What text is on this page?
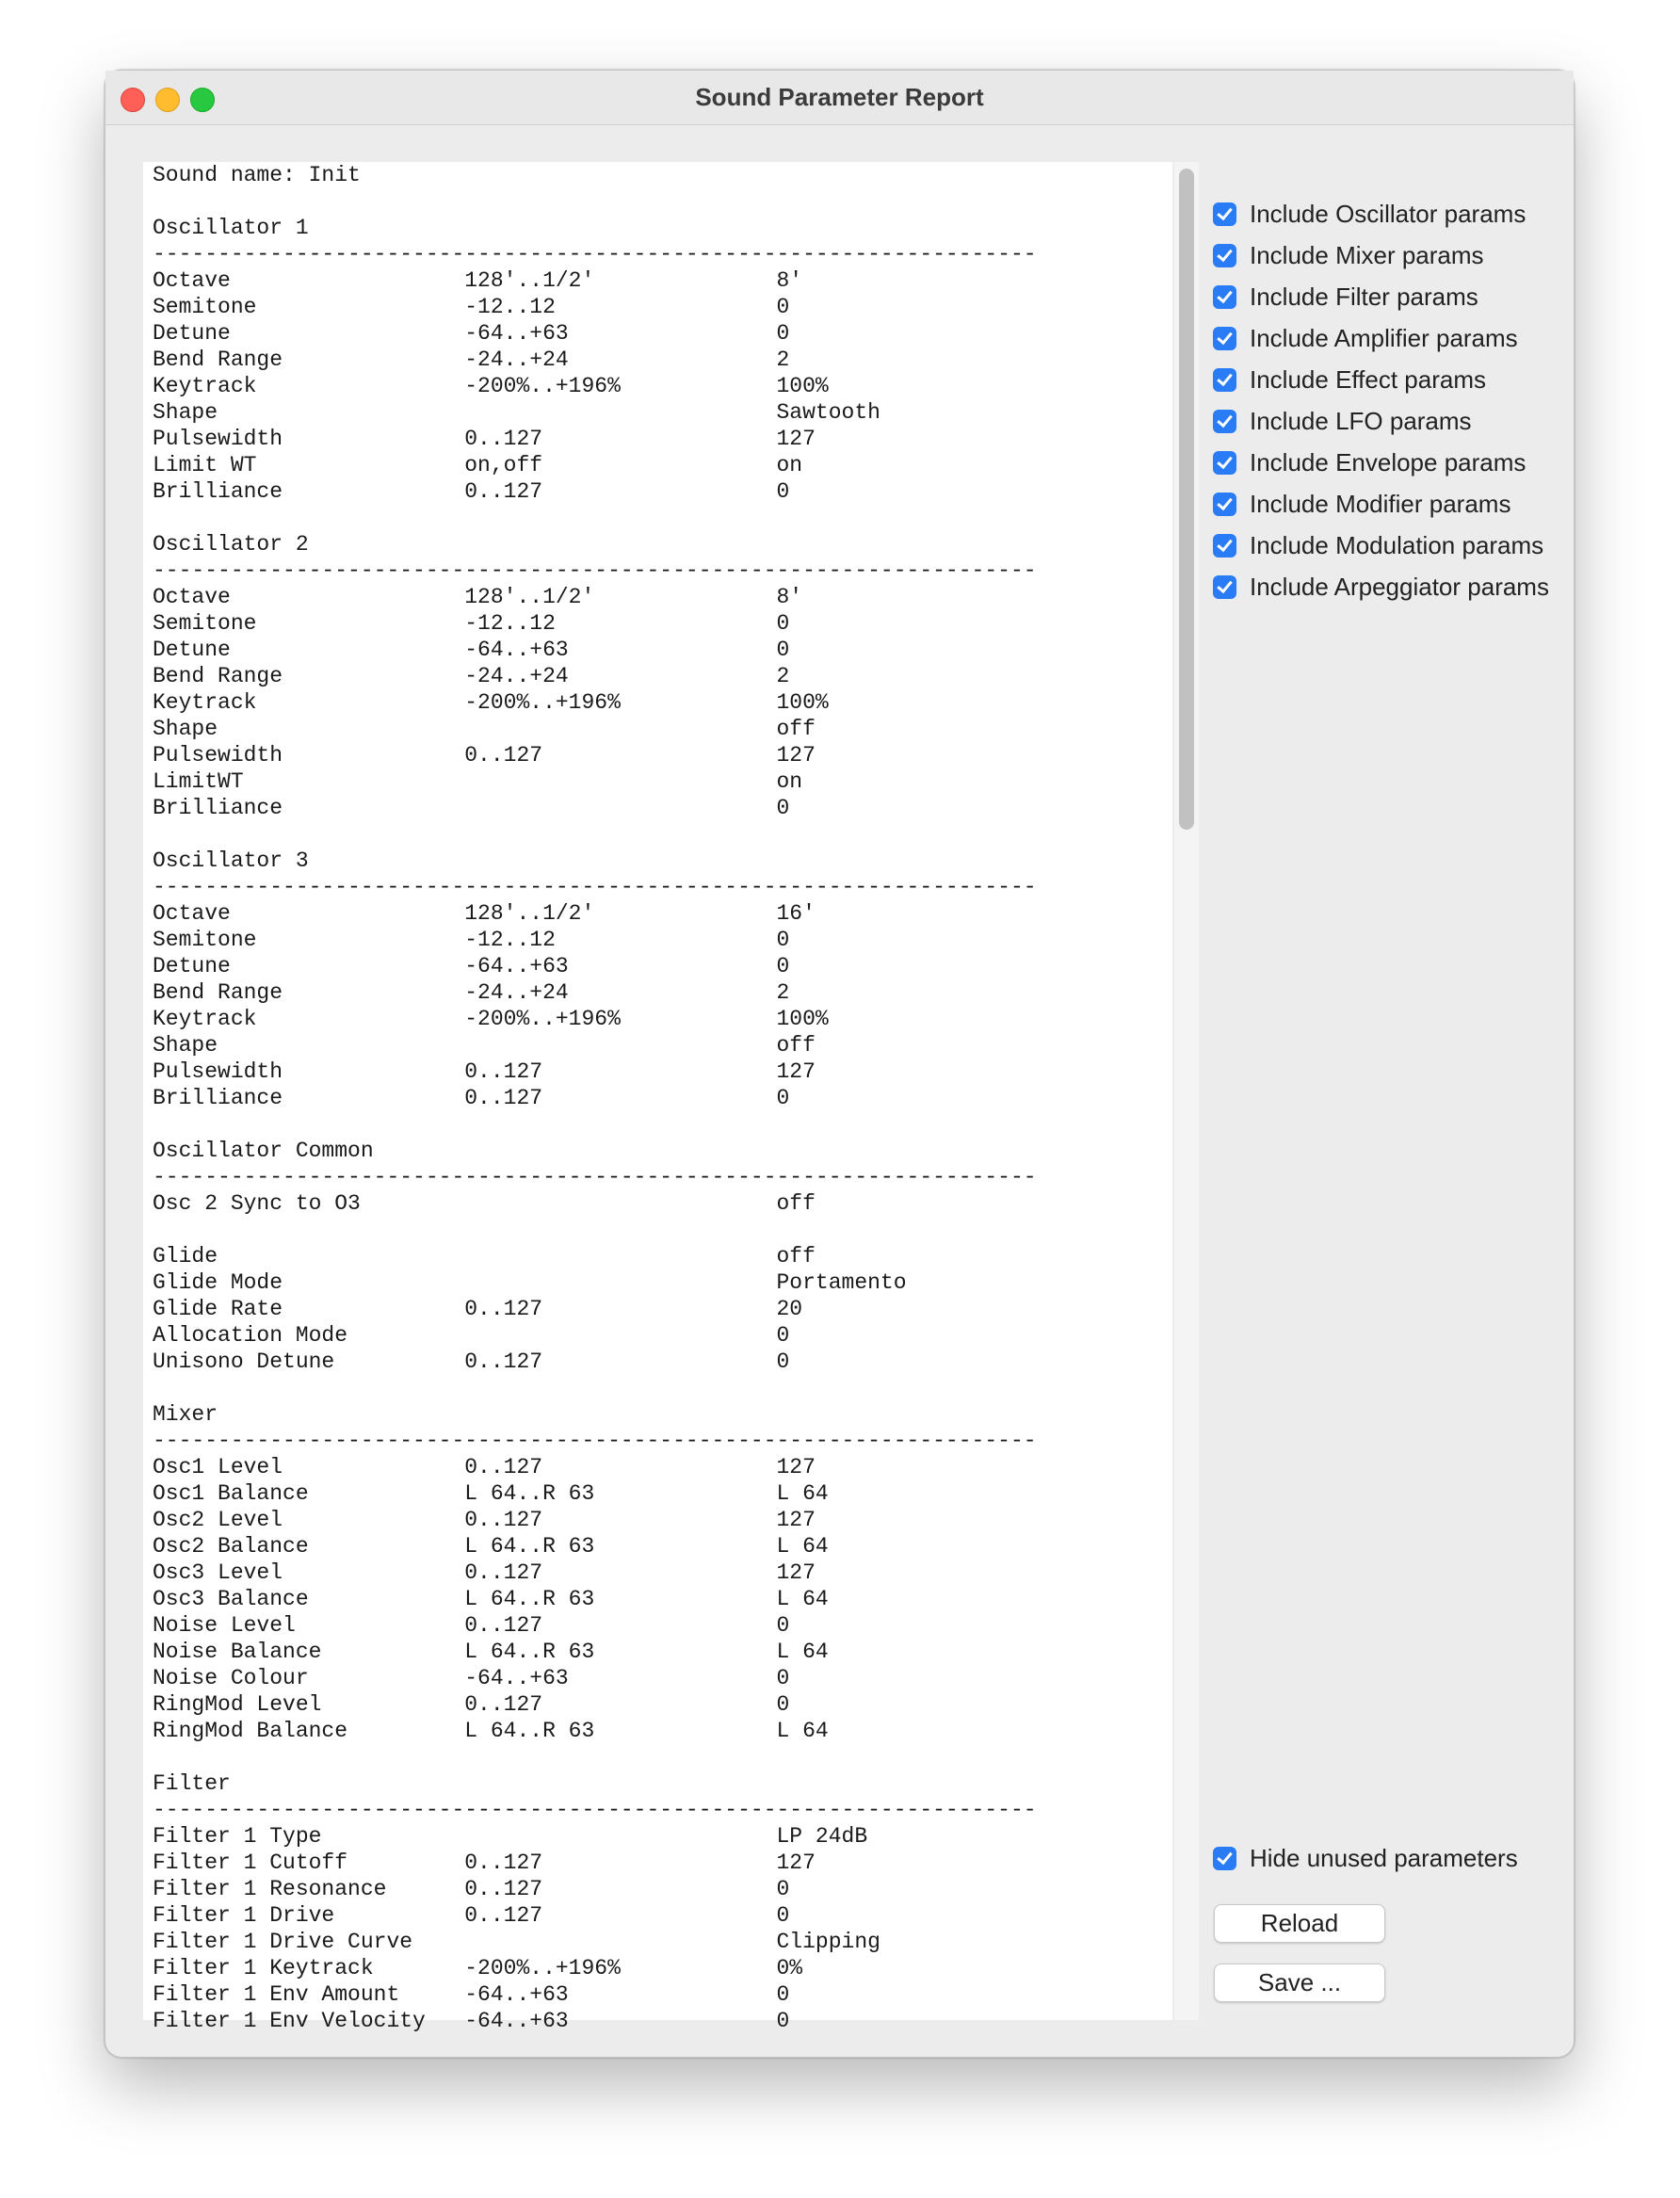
Sound Parameter Report
Sound name: Init

Oscillator 1
--------------------------------------------------------------------
Octave                  128'..1/2'              8'
Semitone                -12..12                 0
Detune                  -64..+63                0
Bend Range              -24..+24                2
Keytrack                -200%..+196%            100%
Shape                                           Sawtooth
Pulsewidth              0..127                  127
Limit WT                on,off                  on
Brilliance              0..127                  0

Oscillator 2
--------------------------------------------------------------------
Octave                  128'..1/2'              8'
Semitone                -12..12                 0
Detune                  -64..+63                0
Bend Range              -24..+24                2
Keytrack                -200%..+196%            100%
Shape                                           off
Pulsewidth              0..127                  127
LimitWT                                         on
Brilliance                                      0

Oscillator 3
--------------------------------------------------------------------
Octave                  128'..1/2'              16'
Semitone                -12..12                 0
Detune                  -64..+63                0
Bend Range              -24..+24                2
Keytrack                -200%..+196%            100%
Shape                                           off
Pulsewidth              0..127                  127
Brilliance              0..127                  0

Oscillator Common
--------------------------------------------------------------------
Osc 2 Sync to O3                                off

Glide                                           off
Glide Mode                                      Portamento
Glide Rate              0..127                  20
Allocation Mode                                 0
Unisono Detune          0..127                  0

Mixer
--------------------------------------------------------------------
Osc1 Level              0..127                  127
Osc1 Balance            L 64..R 63              L 64
Osc2 Level              0..127                  127
Osc2 Balance            L 64..R 63              L 64
Osc3 Level              0..127                  127
Osc3 Balance            L 64..R 63              L 64
Noise Level             0..127                  0
Noise Balance           L 64..R 63              L 64
Noise Colour            -64..+63                0
RingMod Level           0..127                  0
RingMod Balance         L 64..R 63              L 64

Filter
--------------------------------------------------------------------
Filter 1 Type                                   LP 24dB
Filter 1 Cutoff         0..127                  127
Filter 1 Resonance      0..127                  0
Filter 1 Drive          0..127                  0
Filter 1 Drive Curve                            Clipping
Filter 1 Keytrack       -200%..+196%            0%
Filter 1 Env Amount     -64..+63                0
Filter 1 Env Velocity   -64..+63                0
Include Oscillator params
Include Mixer params
Include Filter params
Include Amplifier params
Include Effect params
Include LFO params
Include Envelope params
Include Modifier params
Include Modulation params
Include Arpeggiator params
Hide unused parameters
Reload
Save ...
